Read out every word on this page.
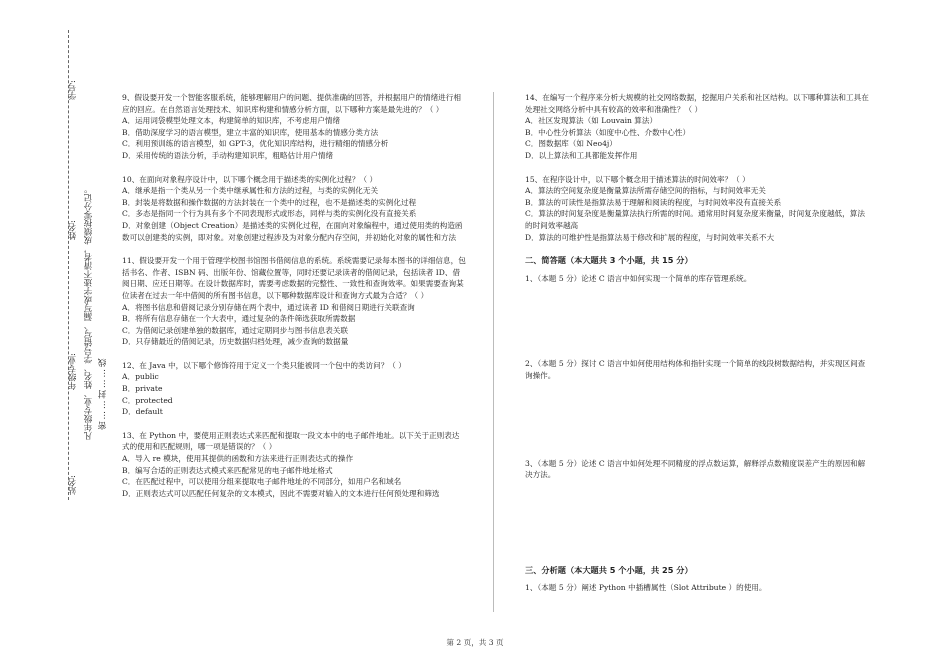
学号:
姓名:
站名:
年级专业: 凡年级专业、姓名、学号错写、漏写或字迹不清者，成绩按零分记。 密……封……线

9、假设要开发一个智能客服系统，能够理解用户的问题、提供准确的回答，并根据用户的情绪进行相应的回应。在自然语言处理技术、知识库构建和情感分析方面，以下哪种方案是最先进的？（ ）

A．运用词袋模型处理文本，构建简单的知识库，不考虑用户情绪

B．借助深度学习的语言模型，建立丰富的知识库，使用基本的情感分类方法

C．利用预训练的语言模型，如 GPT-3，优化知识库结构，进行精细的情感分析

D．采用传统的语法分析，手动构建知识库，粗略估计用户情绪

10、在面向对象程序设计中，以下哪个概念用于描述类的实例化过程？（ ）

A．继承是指一个类从另一个类中继承属性和方法的过程，与类的实例化无关

B．封装是将数据和操作数据的方法封装在一个类中的过程，也不是描述类的实例化过程

C．多态是指同一个行为具有多个不同表现形式或形态，同样与类的实例化没有直接关系

D．对象创建（Object Creation）是描述类的实例化过程，在面向对象编程中，通过使用类的构造函数可以创建类的实例，即对象。对象创建过程涉及为对象分配内存空间，并初始化对象的属性和方法

11、假设要开发一个用于管理学校图书馆图书借阅信息的系统。系统需要记录每本图书的详细信息，包括书名、作者、ISBN 码、出版年份、馆藏位置等，同时还要记录读者的借阅记录，包括读者 ID、借阅日期、应还日期等。在设计数据库时，需要考虑数据的完整性、一致性和查询效率。如果需要查询某位读者在过去一年中借阅的所有图书信息，以下哪种数据库设计和查询方式最为合适？（ ）

A．将图书信息和借阅记录分别存储在两个表中，通过读者 ID 和借阅日期进行关联查询

B．将所有信息存储在一个大表中，通过复杂的条件筛选获取所需数据

C．为借阅记录创建单独的数据库，通过定期同步与图书信息表关联

D．只存储最近的借阅记录，历史数据归档处理，减少查询的数据量

12、在 Java 中，以下哪个修饰符用于定义一个类只能被同一个包中的类访问？（ ）

A．public

B．private

C．protected

D．default

13、在 Python 中，要使用正则表达式来匹配和提取一段文本中的电子邮件地址。以下关于正则表达式的使用和匹配规则，哪一项是错误的？（ ）

A．导入 re 模块，使用其提供的函数和方法来进行正则表达式的操作

B．编写合适的正则表达式模式来匹配常见的电子邮件地址格式

C．在匹配过程中，可以使用分组来提取电子邮件地址的不同部分，如用户名和域名

D．正则表达式可以匹配任何复杂的文本模式，因此不需要对输入的文本进行任何预处理和筛选

14、在编写一个程序来分析大规模的社交网络数据，挖掘用户关系和社区结构。以下哪种算法和工具在处理社交网络分析中具有较高的效率和准确性？（ ）

A．社区发现算法（如 Louvain 算法）

B．中心性分析算法（如度中心性、介数中心性）

C．图数据库（如 Neo4j）

D．以上算法和工具都能发挥作用

15、在程序设计中，以下哪个概念用于描述算法的时间效率？（ ）

A．算法的空间复杂度是衡量算法所需存储空间的指标，与时间效率无关

B．算法的可读性是指算法易于理解和阅读的程度，与时间效率没有直接关系

C．算法的时间复杂度是衡量算法执行所需的时间。通常用时间复杂度来衡量，时间复杂度越低，算法的时间效率越高

D．算法的可维护性是指算法易于修改和扩展的程度，与时间效率关系不大

二、简答题（本大题共 3 个小题，共 15 分）

1、（本题 5 分）论述 C 语言中如何实现一个简单的库存管理系统。

2、（本题 5 分）探讨 C 语言中如何使用结构体和指针实现一个简单的线段树数据结构，并实现区间查询操作。

3、（本题 5 分）论述 C 语言中如何处理不同精度的浮点数运算，解释浮点数精度误差产生的原因和解决方法。

三、分析题（本大题共 5 个小题，共 25 分）

1、（本题 5 分）阐述 Python 中插槽属性（Slot Attribute ）的使用。

第 2 页，共 3 页
